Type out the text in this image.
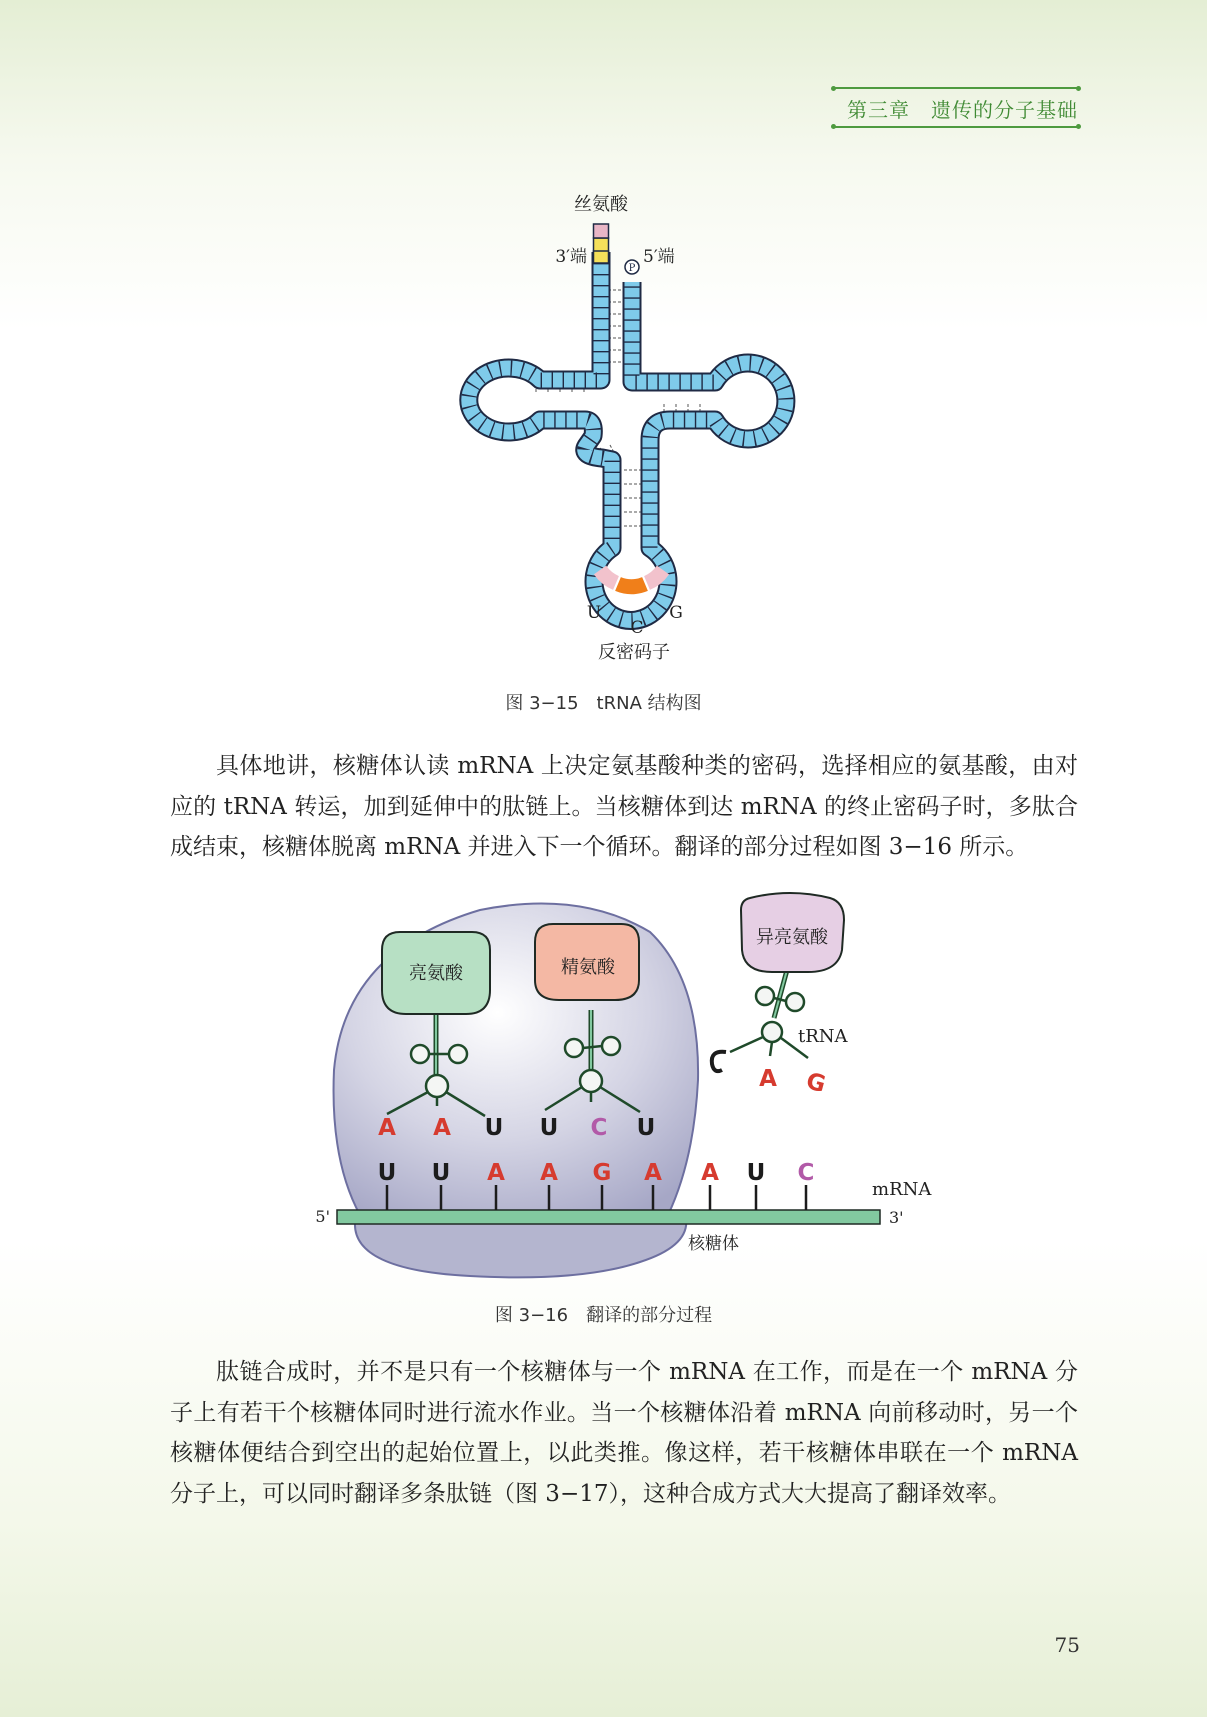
第三章　遗传的分子基础
P
丝氨酸
3′端	5′端
U
C
G
反密码子
U U A A G A A U C
5'	3'
mRNA
核糖体
亮氨酸	精氨酸
异亮氨酸
tRNA
A G
A A U U C U
图 3−15　tRNA 结构图

具体地讲，核糖体认读 mRNA 上决定氨基酸种类的密码，选择相应的氨基酸，由对应的 tRNA 转运，加到延伸中的肽链上。当核糖体到达 mRNA 的终止密码子时，多肽合成结束，核糖体脱离 mRNA 并进入下一个循环。翻译的部分过程如图 3−16 所示。

图 3−16　翻译的部分过程

肽链合成时，并不是只有一个核糖体与一个 mRNA 在工作，而是在一个 mRNA 分子上有若干个核糖体同时进行流水作业。当一个核糖体沿着 mRNA 向前移动时，另一个核糖体便结合到空出的起始位置上，以此类推。像这样，若干核糖体串联在一个 mRNA 分子上，可以同时翻译多条肽链（图 3−17），这种合成方式大大提高了翻译效率。

75
